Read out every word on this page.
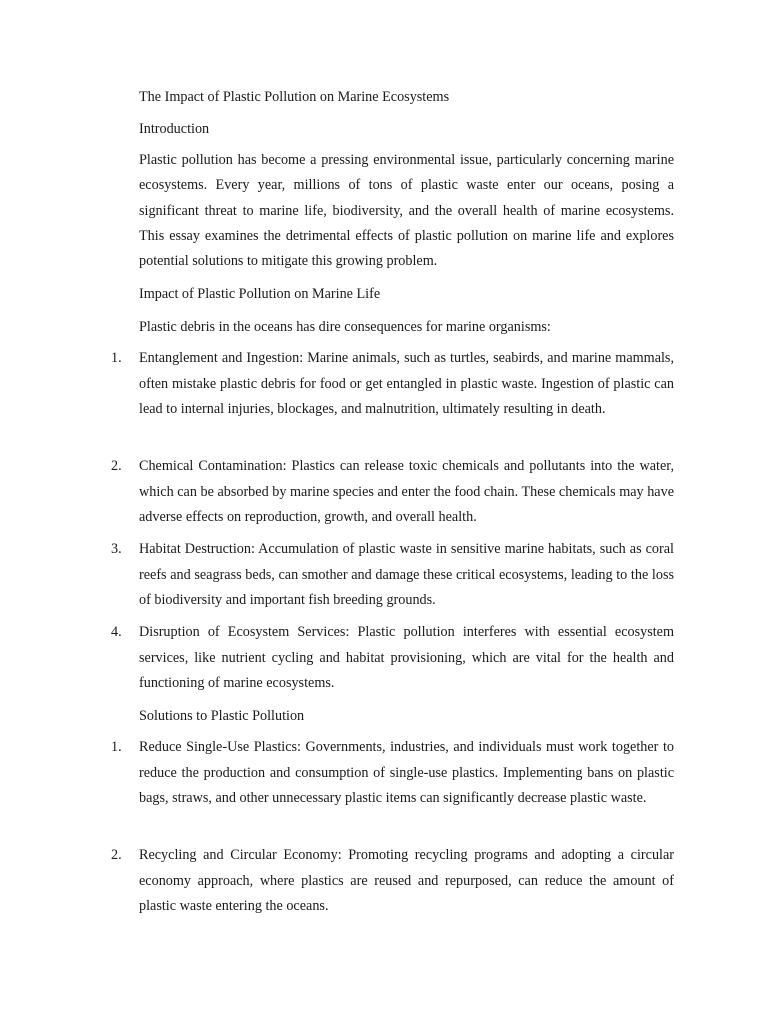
The Impact of Plastic Pollution on Marine Ecosystems
Introduction
Plastic pollution has become a pressing environmental issue, particularly concerning marine ecosystems. Every year, millions of tons of plastic waste enter our oceans, posing a significant threat to marine life, biodiversity, and the overall health of marine ecosystems. This essay examines the detrimental effects of plastic pollution on marine life and explores potential solutions to mitigate this growing problem.
Impact of Plastic Pollution on Marine Life
Plastic debris in the oceans has dire consequences for marine organisms:
1.	Entanglement and Ingestion: Marine animals, such as turtles, seabirds, and marine mammals, often mistake plastic debris for food or get entangled in plastic waste. Ingestion of plastic can lead to internal injuries, blockages, and malnutrition, ultimately resulting in death.
2.	Chemical Contamination: Plastics can release toxic chemicals and pollutants into the water, which can be absorbed by marine species and enter the food chain. These chemicals may have adverse effects on reproduction, growth, and overall health.
3.	Habitat Destruction: Accumulation of plastic waste in sensitive marine habitats, such as coral reefs and seagrass beds, can smother and damage these critical ecosystems, leading to the loss of biodiversity and important fish breeding grounds.
4.	Disruption of Ecosystem Services: Plastic pollution interferes with essential ecosystem services, like nutrient cycling and habitat provisioning, which are vital for the health and functioning of marine ecosystems.
Solutions to Plastic Pollution
1.	Reduce Single-Use Plastics: Governments, industries, and individuals must work together to reduce the production and consumption of single-use plastics. Implementing bans on plastic bags, straws, and other unnecessary plastic items can significantly decrease plastic waste.
2.	Recycling and Circular Economy: Promoting recycling programs and adopting a circular economy approach, where plastics are reused and repurposed, can reduce the amount of plastic waste entering the oceans.
